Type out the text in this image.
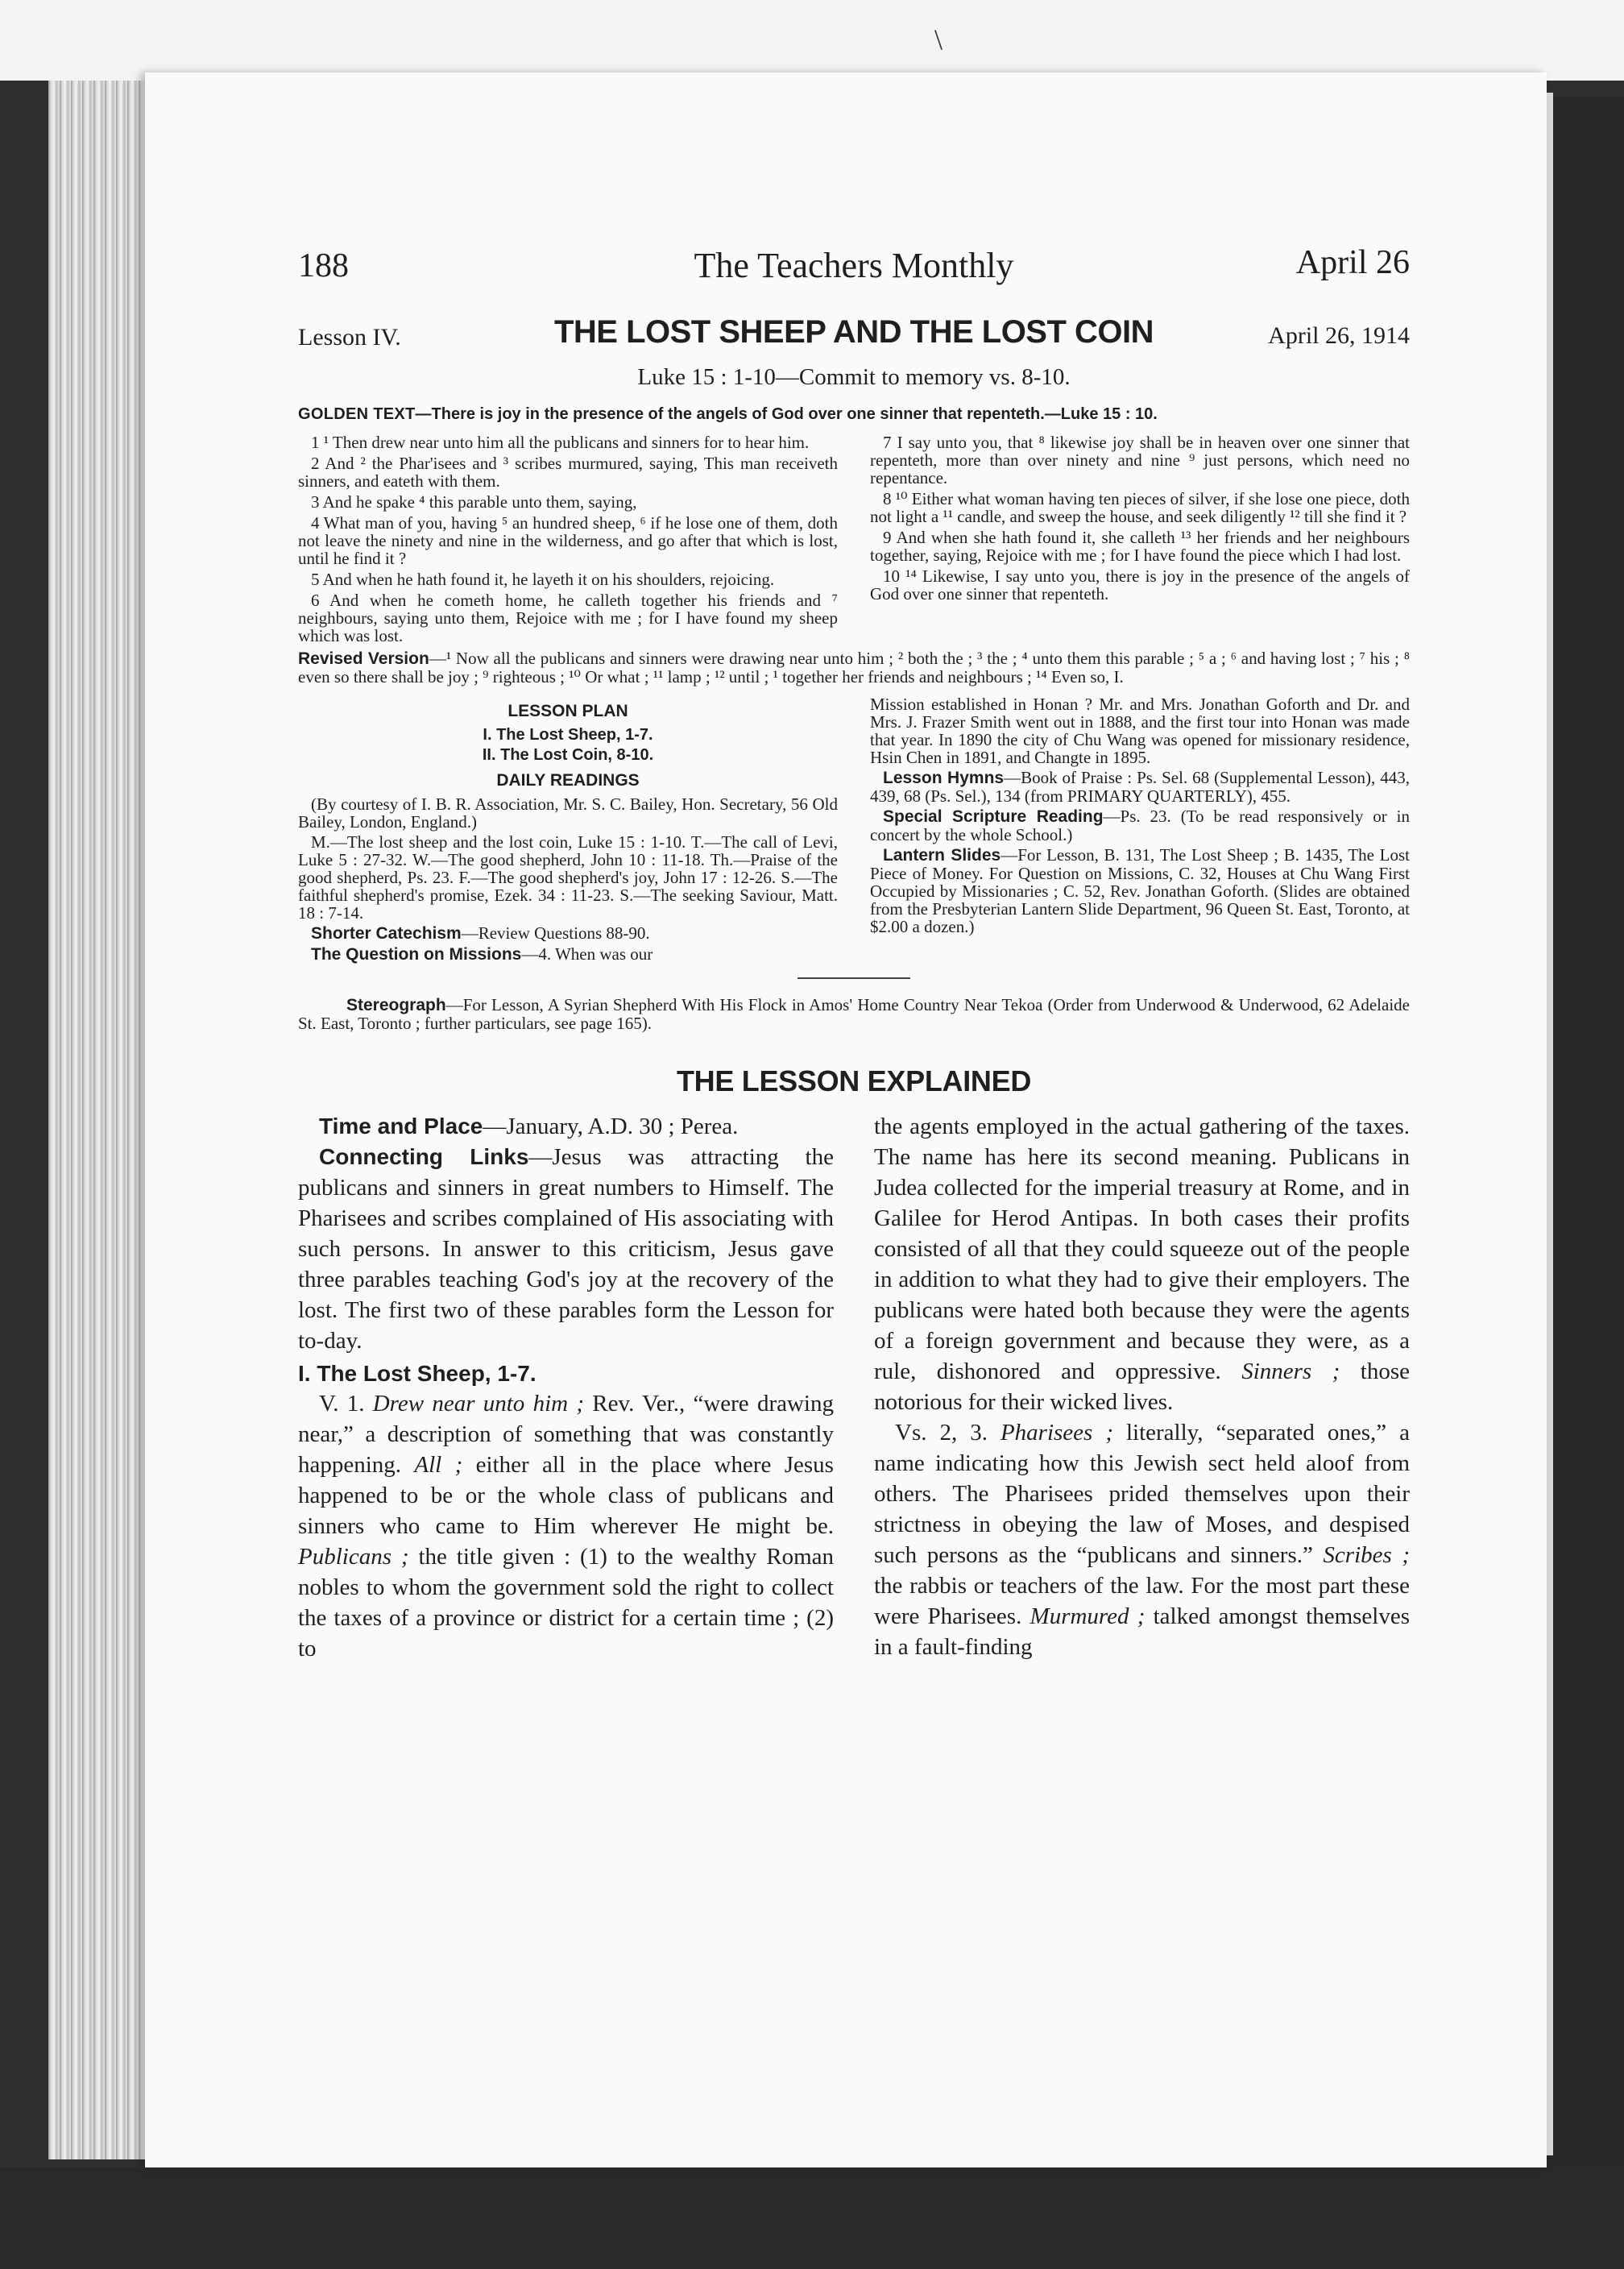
\
188	The Teachers Monthly	April 26
Lesson IV.	THE LOST SHEEP AND THE LOST COIN	April 26, 1914
Luke 15 : 1-10—Commit to memory vs. 8-10.
GOLDEN TEXT—There is joy in the presence of the angels of God over one sinner that repenteth.—Luke 15 : 10.

1 ¹ Then drew near unto him all the publicans and sinners for to hear him.

2 And ² the Phar'isees and ³ scribes murmured, saying, This man receiveth sinners, and eateth with them.

3 And he spake ⁴ this parable unto them, saying,

4 What man of you, having ⁵ an hundred sheep, ⁶ if he lose one of them, doth not leave the ninety and nine in the wilderness, and go after that which is lost, until he find it ?

5 And when he hath found it, he layeth it on his shoulders, rejoicing.

6 And when he cometh home, he calleth together his friends and ⁷ neighbours, saying unto them, Rejoice with me ; for I have found my sheep which was lost.

7 I say unto you, that ⁸ likewise joy shall be in heaven over one sinner that repenteth, more than over ninety and nine ⁹ just persons, which need no repentance.

8 ¹⁰ Either what woman having ten pieces of silver, if she lose one piece, doth not light a ¹¹ candle, and sweep the house, and seek diligently ¹² till she find it ?

9 And when she hath found it, she calleth ¹³ her friends and her neighbours together, saying, Rejoice with me ; for I have found the piece which I had lost.

10 ¹⁴ Likewise, I say unto you, there is joy in the presence of the angels of God over one sinner that repenteth.

Revised Version—¹ Now all the publicans and sinners were drawing near unto him ; ² both the ; ³ the ; ⁴ unto them this parable ; ⁵ a ; ⁶ and having lost ; ⁷ his ; ⁸ even so there shall be joy ; ⁹ righteous ; ¹⁰ Or what ; ¹¹ lamp ; ¹² until ; ¹ together her friends and neighbours ; ¹⁴ Even so, I.
LESSON PLAN
I. The Lost Sheep, 1-7.
II. The Lost Coin, 8-10.
DAILY READINGS

(By courtesy of I. B. R. Association, Mr. S. C. Bailey, Hon. Secretary, 56 Old Bailey, London, England.)

M.—The lost sheep and the lost coin, Luke 15 : 1-10. T.—The call of Levi, Luke 5 : 27-32. W.—The good shepherd, John 10 : 11-18. Th.—Praise of the good shepherd, Ps. 23. F.—The good shepherd's joy, John 17 : 12-26. S.—The faithful shepherd's promise, Ezek. 34 : 11-23. S.—The seeking Saviour, Matt. 18 : 7-14.

Shorter Catechism—Review Questions 88-90.

The Question on Missions—4. When was our

Mission established in Honan ? Mr. and Mrs. Jonathan Goforth and Dr. and Mrs. J. Frazer Smith went out in 1888, and the first tour into Honan was made that year. In 1890 the city of Chu Wang was opened for missionary residence, Hsin Chen in 1891, and Changte in 1895.

Lesson Hymns—Book of Praise : Ps. Sel. 68 (Supplemental Lesson), 443, 439, 68 (Ps. Sel.), 134 (from PRIMARY QUARTERLY), 455.

Special Scripture Reading—Ps. 23. (To be read responsively or in concert by the whole School.)

Lantern Slides—For Lesson, B. 131, The Lost Sheep ; B. 1435, The Lost Piece of Money. For Question on Missions, C. 32, Houses at Chu Wang First Occupied by Missionaries ; C. 52, Rev. Jonathan Goforth. (Slides are obtained from the Presbyterian Lantern Slide Department, 96 Queen St. East, Toronto, at $2.00 a dozen.)

Stereograph—For Lesson, A Syrian Shepherd With His Flock in Amos' Home Country Near Tekoa (Order from Underwood & Underwood, 62 Adelaide St. East, Toronto ; further particulars, see page 165).

THE LESSON EXPLAINED

Time and Place—January, A.D. 30 ; Perea.

Connecting Links—Jesus was attracting the publicans and sinners in great numbers to Himself. The Pharisees and scribes complained of His associating with such persons. In answer to this criticism, Jesus gave three parables teaching God's joy at the recovery of the lost. The first two of these parables form the Lesson for to-day.

I. The Lost Sheep, 1-7.

V. 1. Drew near unto him ; Rev. Ver., “were drawing near,” a description of something that was constantly happening. All ; either all in the place where Jesus happened to be or the whole class of publicans and sinners who came to Him wherever He might be. Publicans ; the title given : (1) to the wealthy Roman nobles to whom the government sold the right to collect the taxes of a province or district for a certain time ; (2) to

the agents employed in the actual gathering of the taxes. The name has here its second meaning. Publicans in Judea collected for the imperial treasury at Rome, and in Galilee for Herod Antipas. In both cases their profits consisted of all that they could squeeze out of the people in addition to what they had to give their employers. The publicans were hated both because they were the agents of a foreign government and because they were, as a rule, dishonored and oppressive. Sinners ; those notorious for their wicked lives.

Vs. 2, 3. Pharisees ; literally, “separated ones,” a name indicating how this Jewish sect held aloof from others. The Pharisees prided themselves upon their strictness in obeying the law of Moses, and despised such persons as the “publicans and sinners.” Scribes ; the rabbis or teachers of the law. For the most part these were Pharisees. Murmured ; talked amongst themselves in a fault-finding
